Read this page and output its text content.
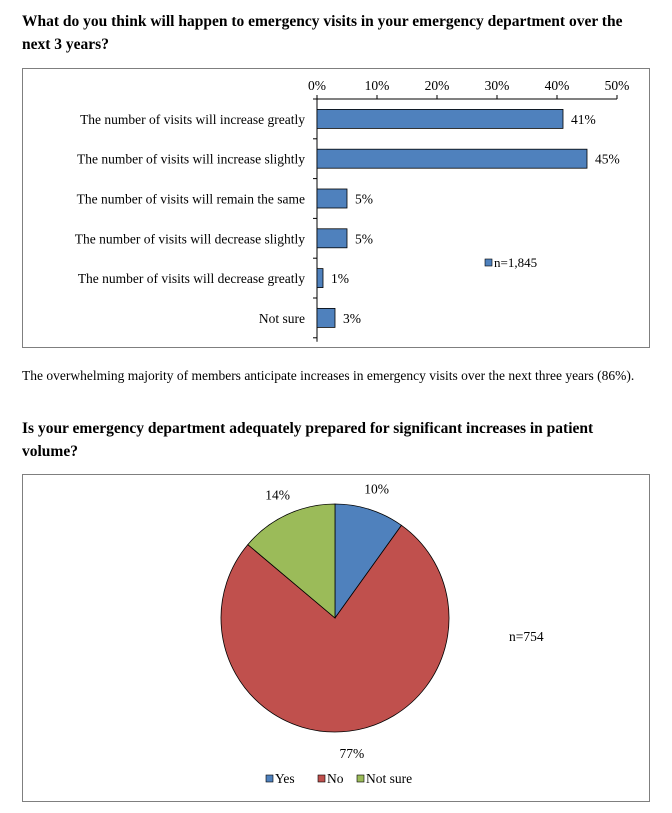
What do you think will happen to emergency visits in your emergency department over the next 3 years?
0%	10%	20%	30%	40%	50%
The number of visits will increase greatly	41%
The number of visits will increase slightly	45%
The number of visits will remain the same	5%
The number of visits will decrease slightly	5%
The number of visits will decrease greatly 1%
Not sure	3%
n=1,845

The overwhelming majority of members anticipate increases in emergency visits over the next three years (86%).

Is your emergency department adequately prepared for significant increases in patient volume?
10%
77%
14%
n=754
Yes No Not sure
